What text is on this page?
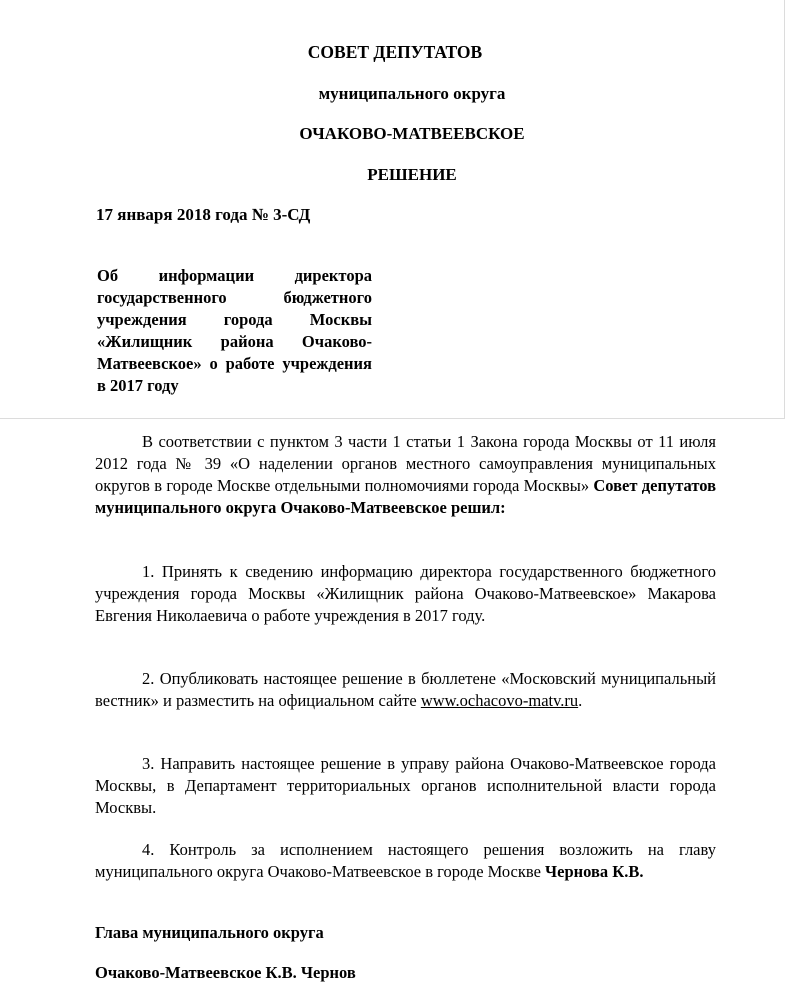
СОВЕТ ДЕПУТАТОВ
муниципального округа
ОЧАКОВО-МАТВЕЕВСКОЕ
РЕШЕНИЕ
17 января 2018 года № 3-СД

Об информации директора государственного бюджетного учреждения города Москвы «Жилищник района Очаково-Матвеевское» о работе учреждения в 2017 году

В соответствии с пунктом 3 части 1 статьи 1 Закона города Москвы от 11 июля 2012 года № 39 «О наделении органов местного самоуправления муниципальных округов в городе Москве отдельными полномочиями города Москвы» Совет депутатов муниципального округа Очаково-Матвеевское решил:

1. Принять к сведению информацию директора государственного бюджетного учреждения города Москвы «Жилищник района Очаково-Матвеевское» Макарова Евгения Николаевича о работе учреждения в 2017 году.

2. Опубликовать настоящее решение в бюллетене «Московский муниципальный вестник» и разместить на официальном сайте www.ochacovo-matv.ru.

3. Направить настоящее решение в управу района Очаково-Матвеевское города Москвы, в Департамент территориальных органов исполнительной власти города Москвы.

4. Контроль за исполнением настоящего решения возложить на главу муниципального округа Очаково-Матвеевское в городе Москве Чернова К.В.

Глава муниципального округа

Очаково-Матвеевское К.В. Чернов
